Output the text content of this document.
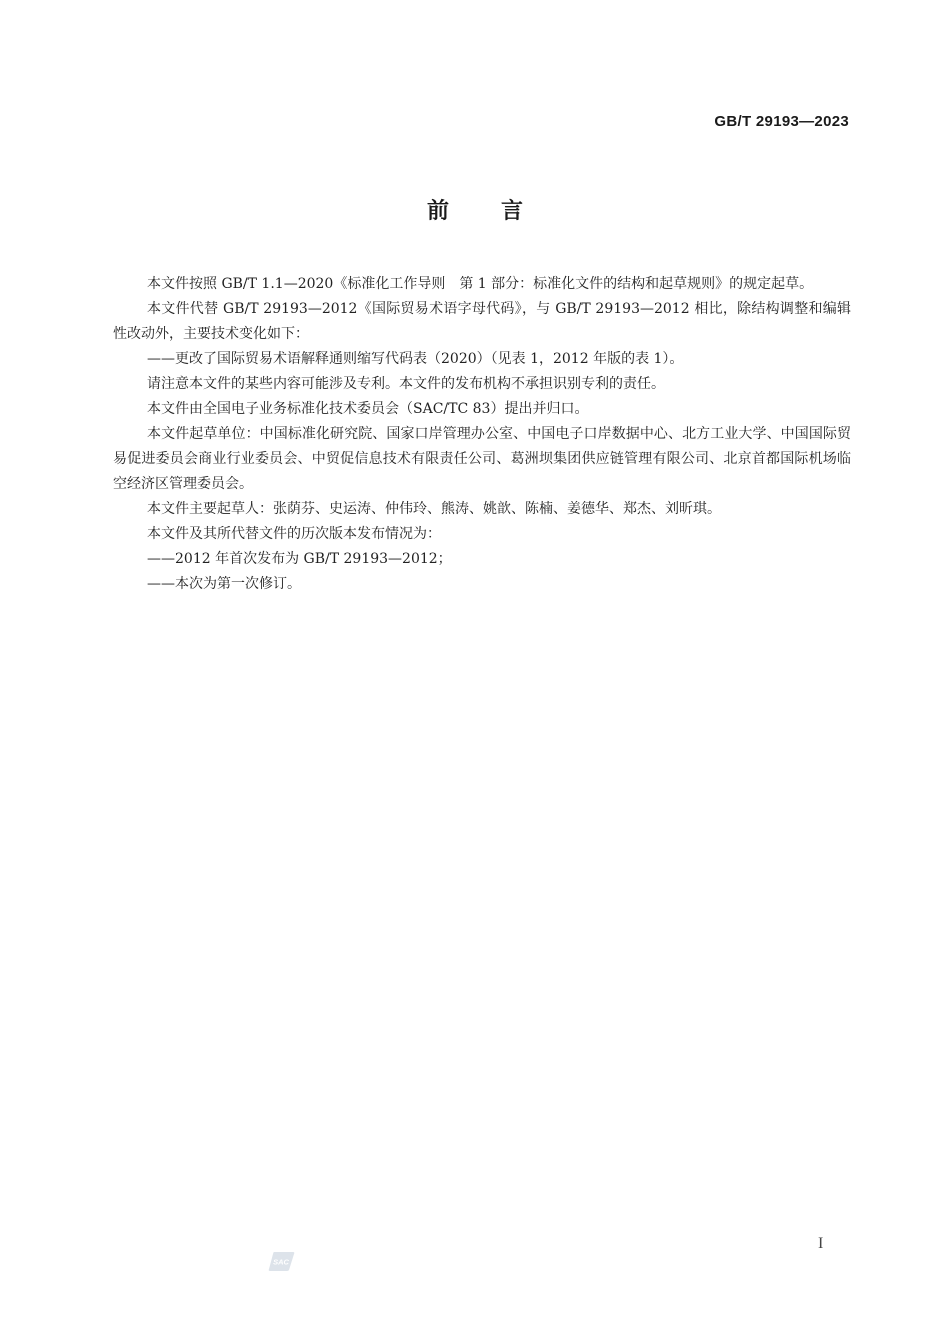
GB/T 29193—2023
前言

本文件按照 GB/T 1.1—2020《标准化工作导则　第 1 部分：标准化文件的结构和起草规则》的规定起草。

本文件代替 GB/T 29193—2012《国际贸易术语字母代码》，与 GB/T 29193—2012 相比，除结构调整和编辑性改动外，主要技术变化如下：

——更改了国际贸易术语解释通则缩写代码表（2020）（见表 1，2012 年版的表 1）。

请注意本文件的某些内容可能涉及专利。本文件的发布机构不承担识别专利的责任。

本文件由全国电子业务标准化技术委员会（SAC/TC 83）提出并归口。

本文件起草单位：中国标准化研究院、国家口岸管理办公室、中国电子口岸数据中心、北方工业大学、中国国际贸易促进委员会商业行业委员会、中贸促信息技术有限责任公司、葛洲坝集团供应链管理有限公司、北京首都国际机场临空经济区管理委员会。

本文件主要起草人：张荫芬、史运涛、仲伟玲、熊涛、姚歆、陈楠、姜德华、郑杰、刘昕琪。

本文件及其所代替文件的历次版本发布情况为：

——2012 年首次发布为 GB/T 29193—2012；

——本次为第一次修订。

I
SAC
